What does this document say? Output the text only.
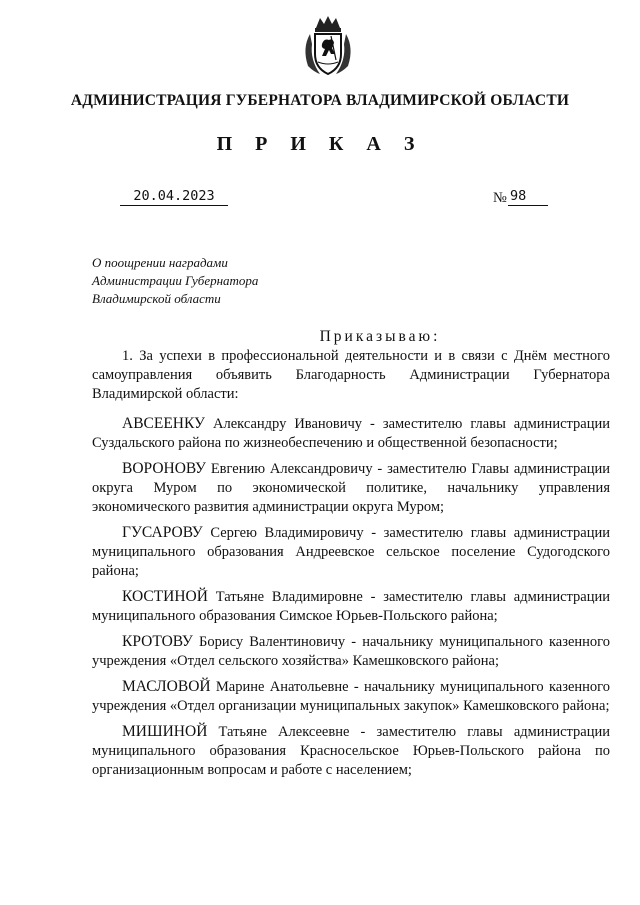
АДМИНИСТРАЦИЯ ГУБЕРНАТОРА ВЛАДИМИРСКОЙ ОБЛАСТИ
П Р И К А З
20.04.2023	№ 98
О поощрении наградами
Администрации Губернатора
Владимирской области
Приказываю:

1. За успехи в профессиональной деятельности и в связи с Днём местного самоуправления объявить Благодарность Администрации Губернатора Владимирской области:

АВСЕЕНКУ Александру Ивановичу - заместителю главы администрации Суздальского района по жизнеобеспечению и общественной безопасности;

ВОРОНОВУ Евгению Александровичу - заместителю Главы администрации округа Муром по экономической политике, начальнику управления экономического развития администрации округа Муром;

ГУСАРОВУ Сергею Владимировичу - заместителю главы администрации муниципального образования Андреевское сельское поселение Судогодского района;

КОСТИНОЙ Татьяне Владимировне - заместителю главы администрации муниципального образования Симское Юрьев-Польского района;

КРОТОВУ Борису Валентиновичу - начальнику муниципального казенного учреждения «Отдел сельского хозяйства» Камешковского района;

МАСЛОВОЙ Марине Анатольевне - начальнику муниципального казенного учреждения «Отдел организации муниципальных закупок» Камешковского района;

МИШИНОЙ Татьяне Алексеевне - заместителю главы администрации муниципального образования Красносельское Юрьев-Польского района по организационным вопросам и работе с населением;
